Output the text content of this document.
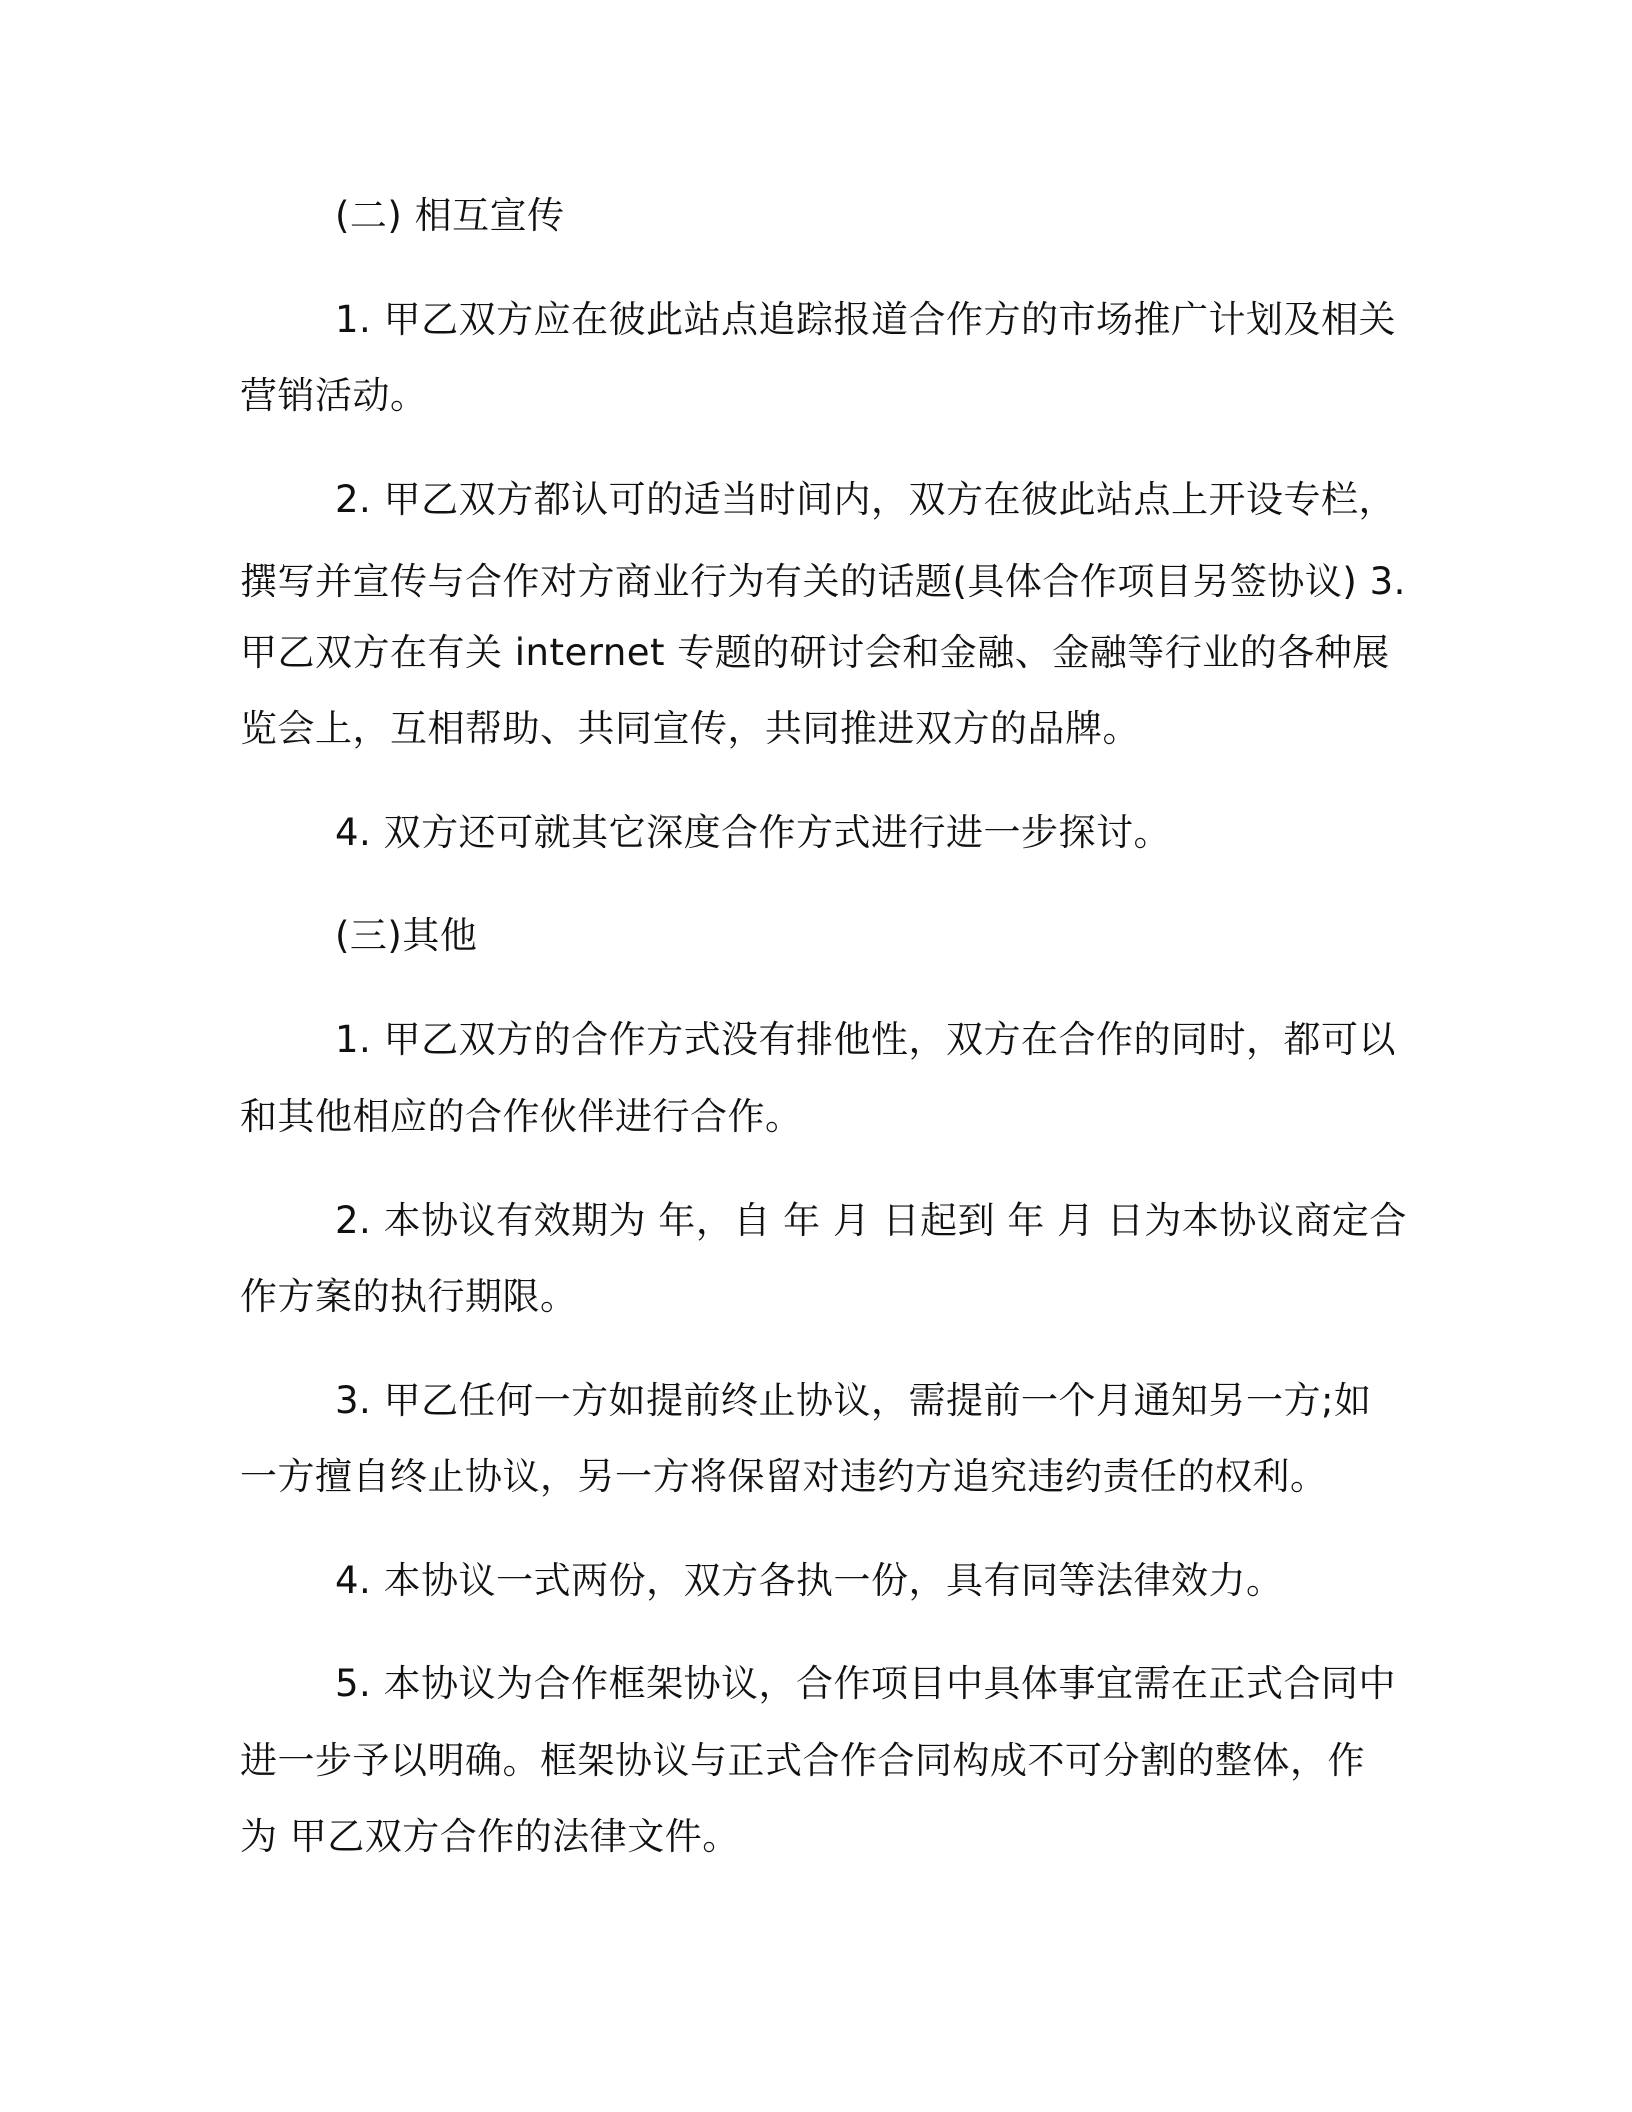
(二) 相互宣传
1. 甲乙双方应在彼此站点追踪报道合作方的市场推广计划及相关
营销活动。
2. 甲乙双方都认可的适当时间内，双方在彼此站点上开设专栏，
撰写并宣传与合作对方商业行为有关的话题(具体合作项目另签协议) 3.
甲乙双方在有关 internet 专题的研讨会和金融、金融等行业的各种展
览会上，互相帮助、共同宣传，共同推进双方的品牌。
4. 双方还可就其它深度合作方式进行进一步探讨。
(三)其他
1. 甲乙双方的合作方式没有排他性，双方在合作的同时，都可以
和其他相应的合作伙伴进行合作。
2. 本协议有效期为 年，自 年 月 日起到 年 月 日为本协议商定合
作方案的执行期限。
3. 甲乙任何一方如提前终止协议，需提前一个月通知另一方;如
一方擅自终止协议，另一方将保留对违约方追究违约责任的权利。
4. 本协议一式两份，双方各执一份，具有同等法律效力。
5. 本协议为合作框架协议，合作项目中具体事宜需在正式合同中
进一步予以明确。框架协议与正式合作合同构成不可分割的整体，作
为 甲乙双方合作的法律文件。
